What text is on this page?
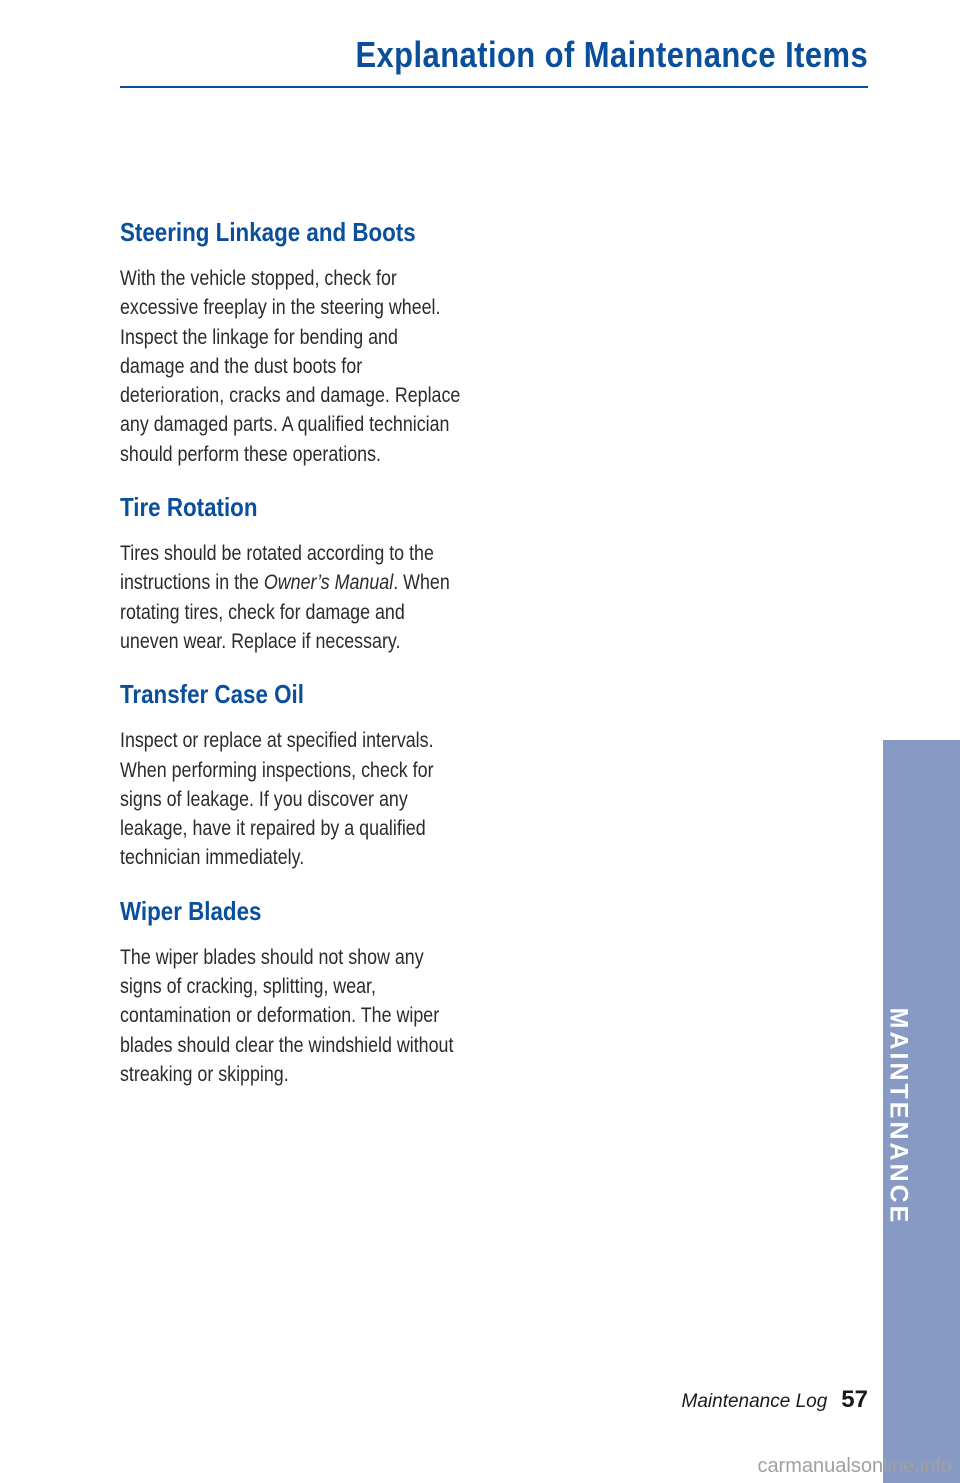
Explanation of Maintenance Items
Steering Linkage and Boots

With the vehicle stopped, check for
excessive freeplay in the steering wheel.
Inspect the linkage for bending and
damage and the dust boots for
deterioration, cracks and damage. Replace
any damaged parts. A qualified technician
should perform these operations.

Tire Rotation

Tires should be rotated according to the
instructions in the Owner’s Manual. When
rotating tires, check for damage and
uneven wear. Replace if necessary.

Transfer Case Oil

Inspect or replace at specified intervals.
When performing inspections, check for
signs of leakage. If you discover any
leakage, have it repaired by a qualified
technician immediately.

Wiper Blades

The wiper blades should not show any
signs of cracking, splitting, wear,
contamination or deformation. The wiper
blades should clear the windshield without
streaking or skipping.	MAINTENANCE
Maintenance Log 57
carmanualsonline.info
